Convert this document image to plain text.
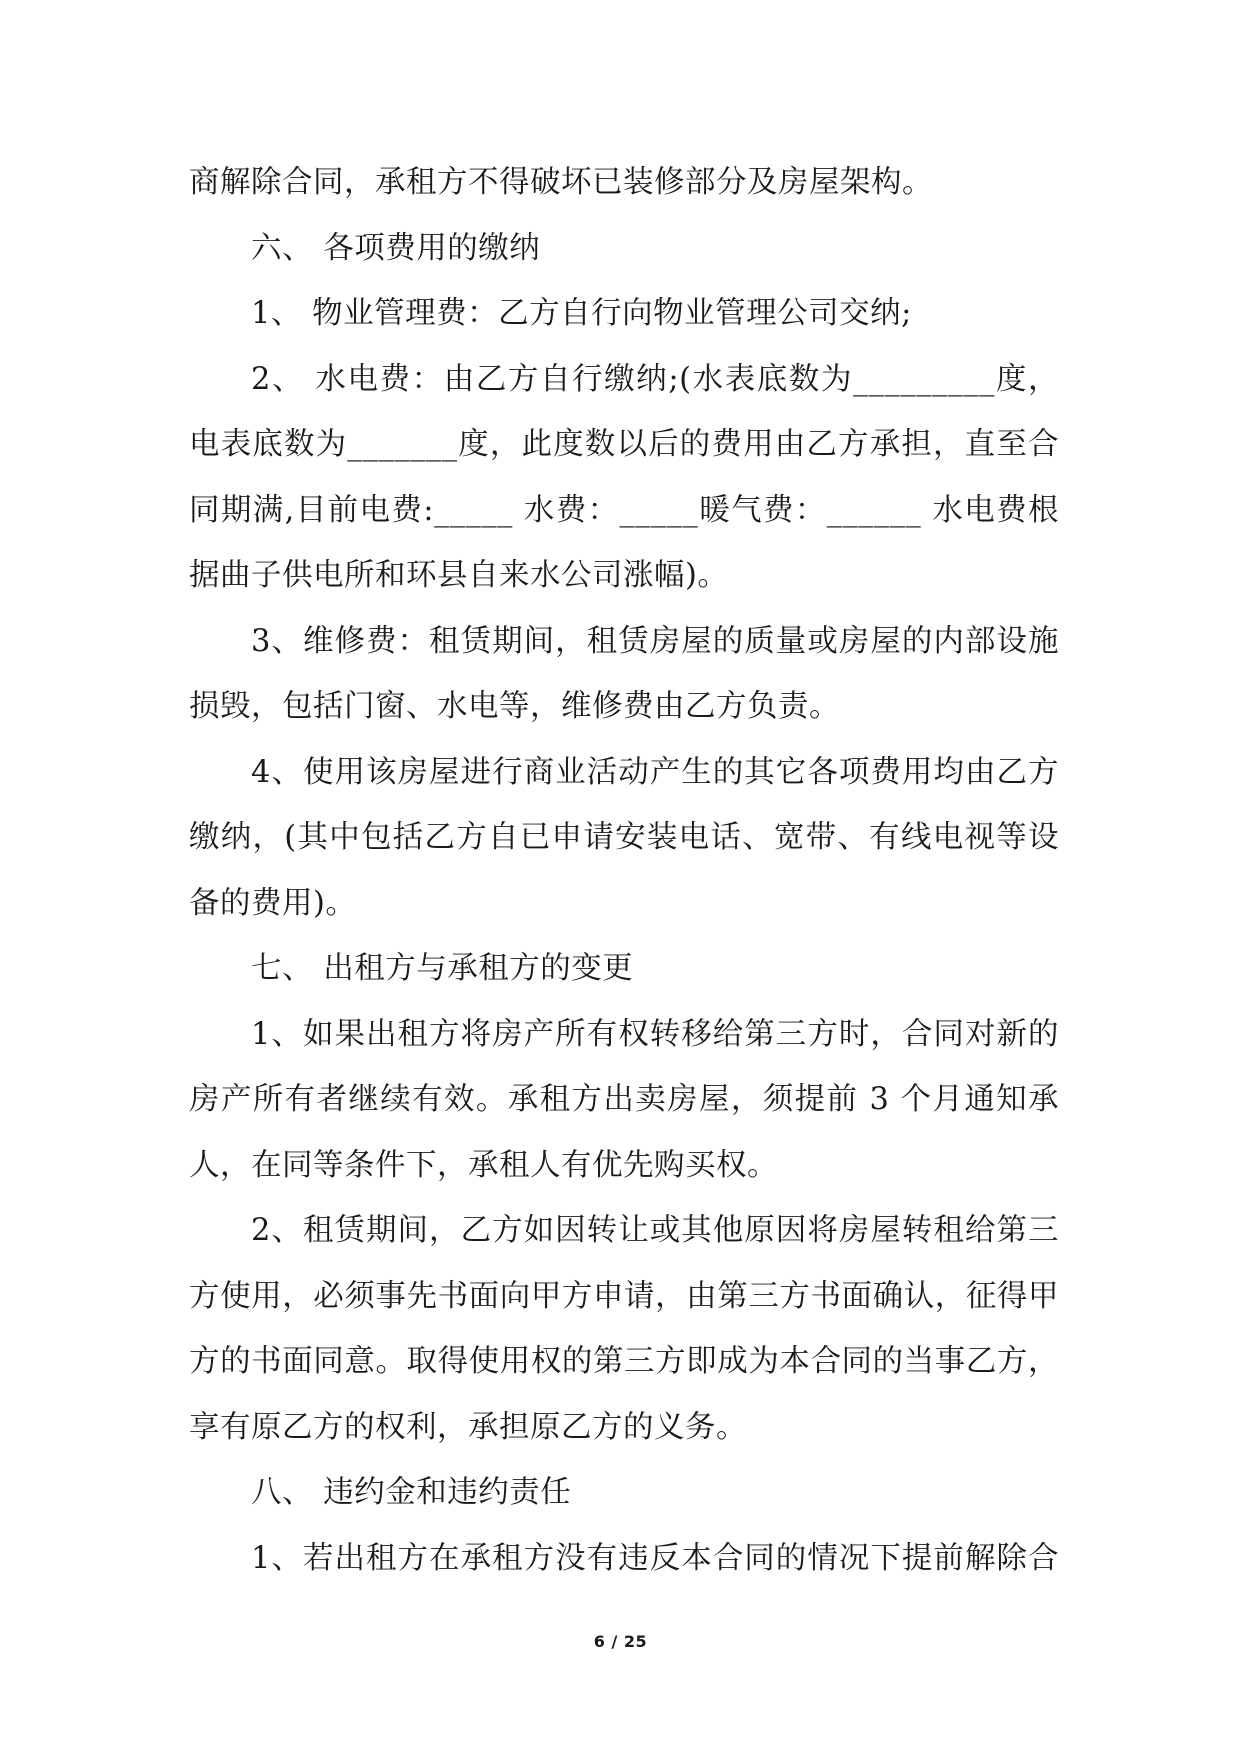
商解除合同，承租方不得破坏已装修部分及房屋架构。
六、 各项费用的缴纳
1、 物业管理费：乙方自行向物业管理公司交纳;
2、 水电费：由乙方自行缴纳;(水表底数为_________度，
电表底数为_______度，此度数以后的费用由乙方承担，直至合
同期满,目前电费:_____ 水费：_____暖气费：______ 水电费根
据曲子供电所和环县自来水公司涨幅)。
3、维修费：租赁期间，租赁房屋的质量或房屋的内部设施
损毁，包括门窗、水电等，维修费由乙方负责。
4、使用该房屋进行商业活动产生的其它各项费用均由乙方
缴纳，(其中包括乙方自已申请安装电话、宽带、有线电视等设
备的费用)。
七、 出租方与承租方的变更
1、如果出租方将房产所有权转移给第三方时，合同对新的
房产所有者继续有效。承租方出卖房屋，须提前 3 个月通知承
人，在同等条件下，承租人有优先购买权。
2、租赁期间，乙方如因转让或其他原因将房屋转租给第三
方使用，必须事先书面向甲方申请，由第三方书面确认，征得甲
方的书面同意。取得使用权的第三方即成为本合同的当事乙方，
享有原乙方的权利，承担原乙方的义务。
八、 违约金和违约责任
1、若出租方在承租方没有违反本合同的情况下提前解除合
6 / 25
